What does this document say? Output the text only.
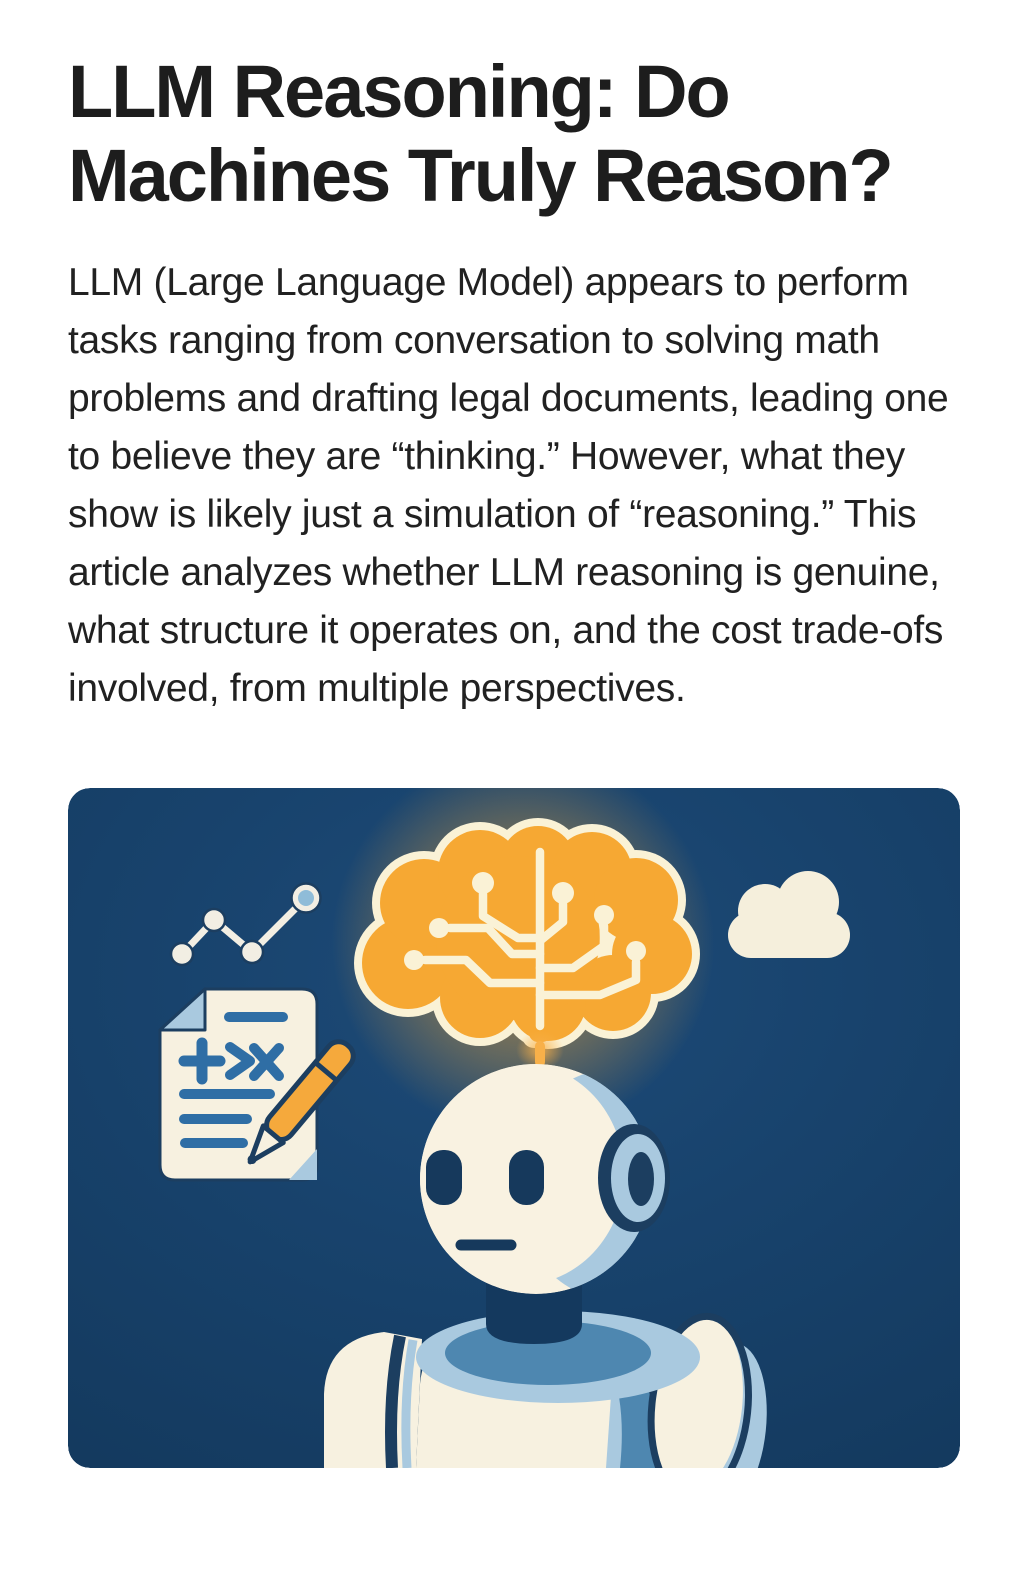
LLM Reasoning: Do
Machines Truly Reason?
LLM (Large Language Model) appears to perform
tasks ranging from conversation to solving math
problems and drafting legal documents, leading one
to believe they are “thinking.” However, what they
show is likely just a simulation of “reasoning.” This
article analyzes whether LLM reasoning is genuine,
what structure it operates on, and the cost trade-ofs
involved, from multiple perspectives.
